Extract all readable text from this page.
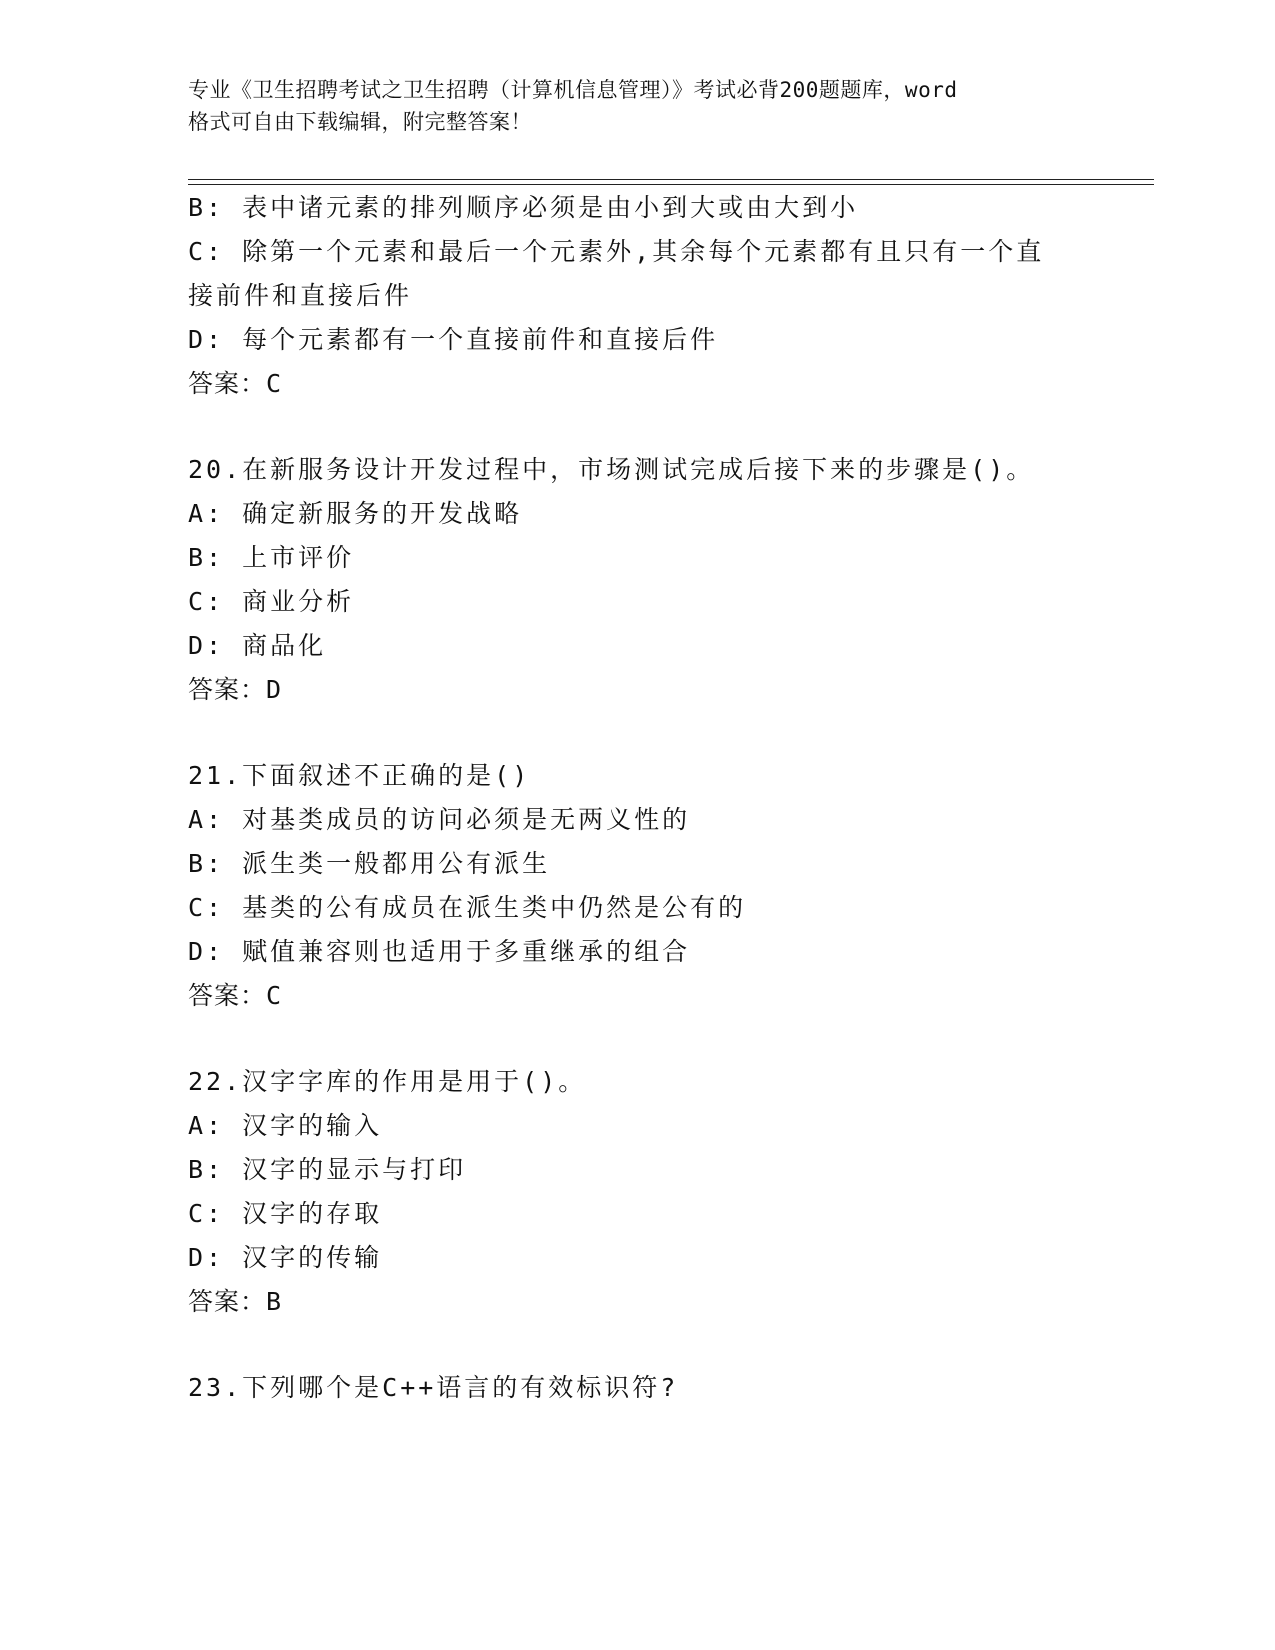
专业《卫生招聘考试之卫生招聘（计算机信息管理）》考试必背200题题库，word

格式可自由下载编辑，附完整答案！

B: 表中诸元素的排列顺序必须是由小到大或由大到小
C: 除第一个元素和最后一个元素外,其余每个元素都有且只有一个直
接前件和直接后件
D: 每个元素都有一个直接前件和直接后件
答案：C
20.在新服务设计开发过程中，市场测试完成后接下来的步骤是()。
A: 确定新服务的开发战略
B: 上市评价
C: 商业分析
D: 商品化
答案：D
21.下面叙述不正确的是()
A: 对基类成员的访问必须是无两义性的
B: 派生类一般都用公有派生
C: 基类的公有成员在派生类中仍然是公有的
D: 赋值兼容则也适用于多重继承的组合
答案：C
22.汉字字库的作用是用于()。
A: 汉字的输入
B: 汉字的显示与打印
C: 汉字的存取
D: 汉字的传输
答案：B
23.下列哪个是C++语言的有效标识符?
